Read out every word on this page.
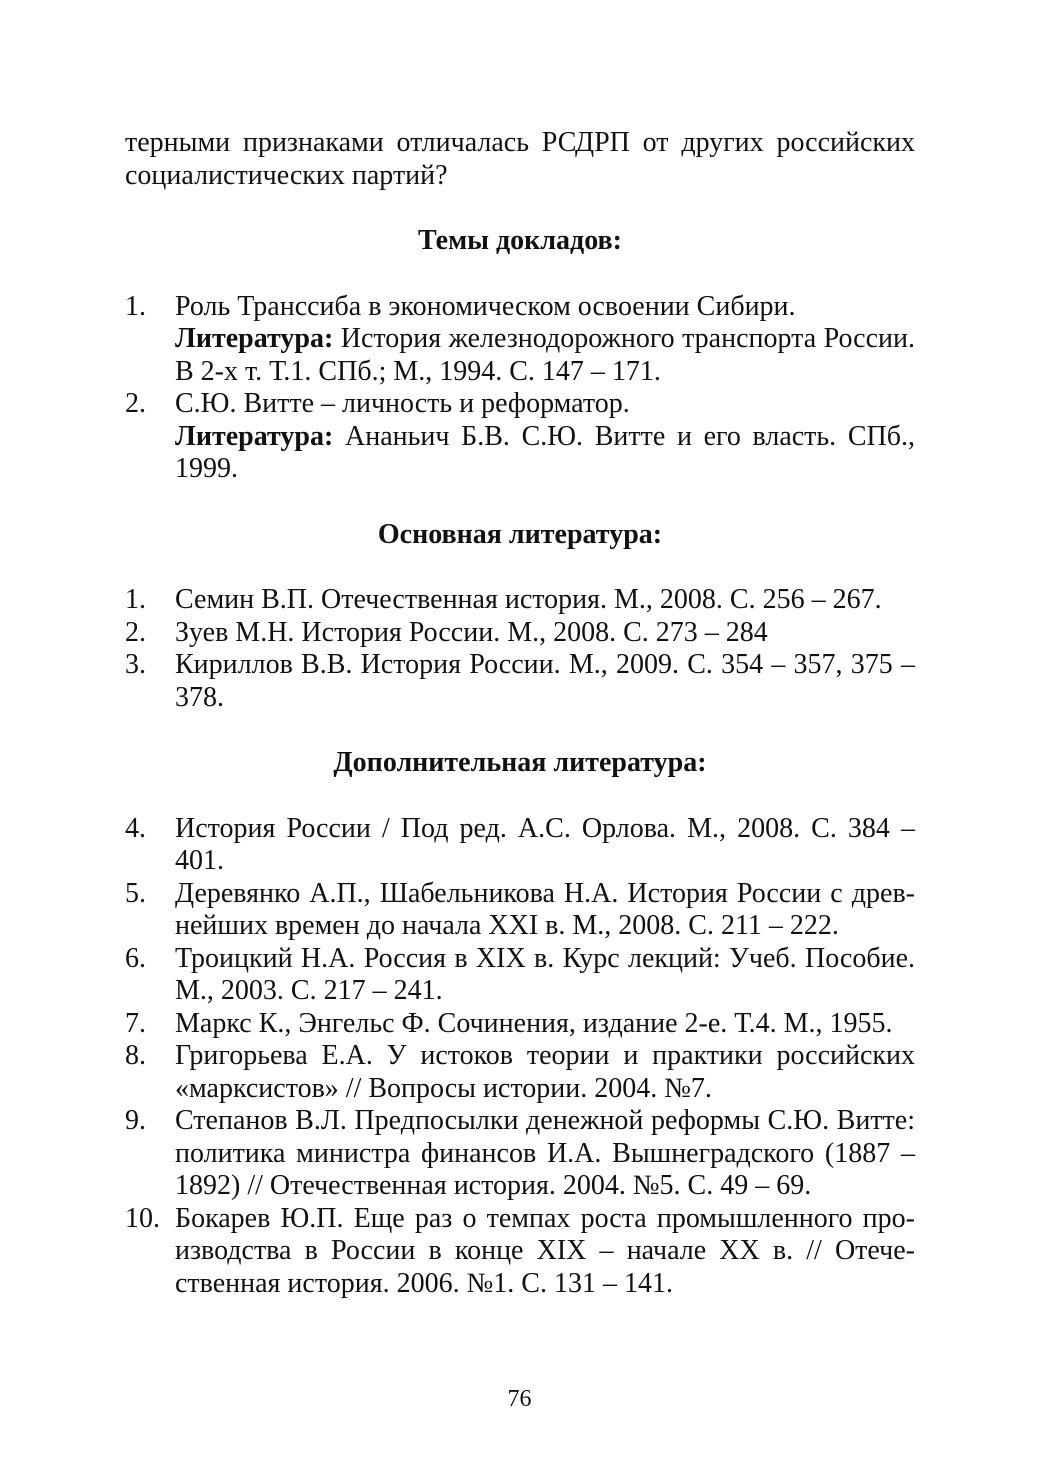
терными признаками отличалась РСДРП от других российских социалистических партий?

Темы докладов:
1.	Роль Транссиба в экономическом освоении Сибири.
Литература: История железнодорожного транспорта России. В 2-х т. Т.1. СПб.; М., 1994. С. 147 – 171.
2.	С.Ю. Витте – личность и реформатор.
Литература: Ананьич Б.В. С.Ю. Витте и его власть. СПб., 1999.
Основная литература:
1.	Семин В.П. Отечественная история. М., 2008. С. 256 – 267.
2.	Зуев М.Н. История России. М., 2008. С. 273 – 284
3.	Кириллов В.В. История России. М., 2009. С. 354 – 357, 375 – 378.
Дополнительная литература:
4.	История России / Под ред. А.С. Орлова. М., 2008. С. 384 – 401.
5.	Деревянко А.П., Шабельникова Н.А. История России с древнейших времен до начала XXI в. М., 2008. С. 211 – 222.
6.	Троицкий Н.А. Россия в XIX в. Курс лекций: Учеб. Пособие. М., 2003. С. 217 – 241.
7.	Маркс К., Энгельс Ф. Сочинения, издание 2-е. Т.4. М., 1955.
8.	Григорьева Е.А. У истоков теории и практики российских «марксистов» // Вопросы истории. 2004. №7.
9.	Степанов В.Л. Предпосылки денежной реформы С.Ю. Витте: политика министра финансов И.А. Вышнеградского (1887 – 1892) // Отечественная история. 2004. №5. С. 49 – 69.
10. Бокарев Ю.П. Еще раз о темпах роста промышленного производства в России в конце XIX – начале XX в. // Отечественная история. 2006. №1. С. 131 – 141.
76
